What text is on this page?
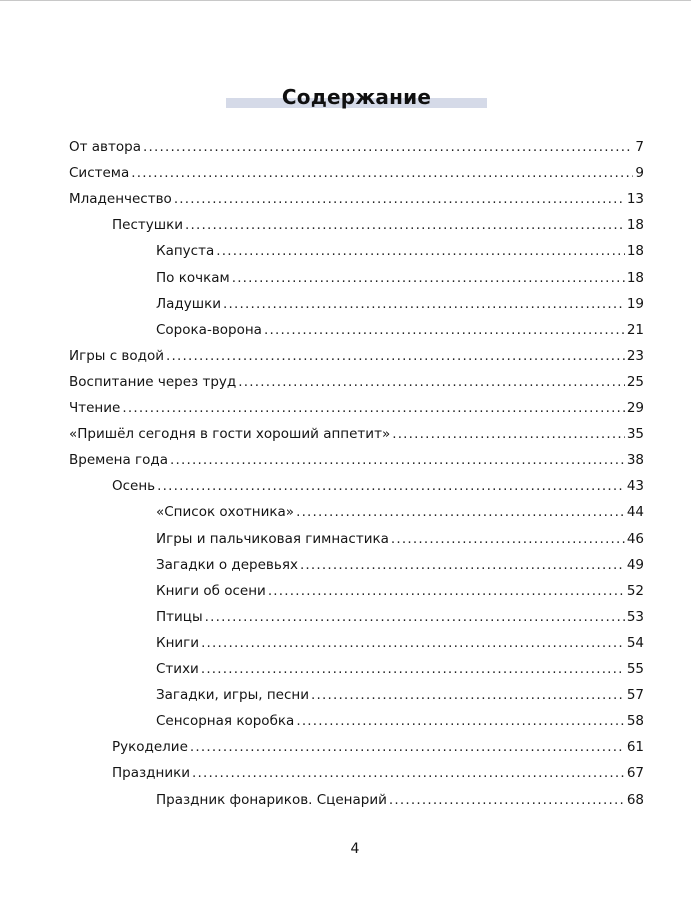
Содержание
От автора .....	7
Система .....	9
Младенчество .....	13
Пестушки .....	18
Капуста .....	18
По кочкам .....	18
Ладушки .....	19
Сорока-ворона .....	21
Игры с водой .....	23
Воспитание через труд .....	25
Чтение .....	29
«Пришёл сегодня в гости хороший аппетит» .....	35
Времена года .....	38
Осень .....	43
«Список охотника» .....	44
Игры и пальчиковая гимнастика .....	46
Загадки о деревьях .....	49
Книги об осени .....	52
Птицы .....	53
Книги .....	54
Стихи .....	55
Загадки, игры, песни .....	57
Сенсорная коробка .....	58
Рукоделие .....	61
Праздники .....	67
Праздник фонариков. Сценарий .....	68
4
